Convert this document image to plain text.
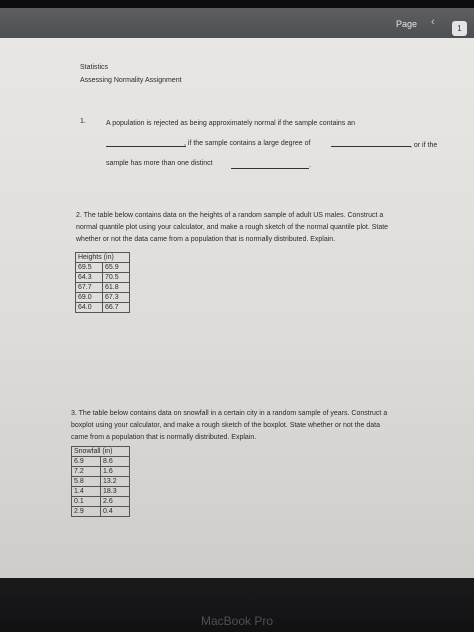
Page ‹
1
Statistics
Assessing Normality Assignment
1.	A population is rejected as being approximately normal if the sample contains an
, if the sample contains a large degree of	, or if the
sample has more than one distinct	.
2. The table below contains data on the heights of a random sample of adult US males. Construct a
normal quantile plot using your calculator, and make a rough sketch of the normal quantile plot. State
whether or not the data came from a population that is normally distributed. Explain.
Heights (in)	
69.5	65.9
64.3	70.5
67.7	61.8
69.0	67.3
64.0	66.7
3. The table below contains data on snowfall in a certain city in a random sample of years. Construct a
boxplot using your calculator, and make a rough sketch of the boxplot. State whether or not the data
came from a population that is normally distributed. Explain.
Snowfall (in)	
6.9	8.6
7.2	1.6
5.8	13.2
1.4	18.3
0.1	2.6
2.9	0.4
MacBook Pro
